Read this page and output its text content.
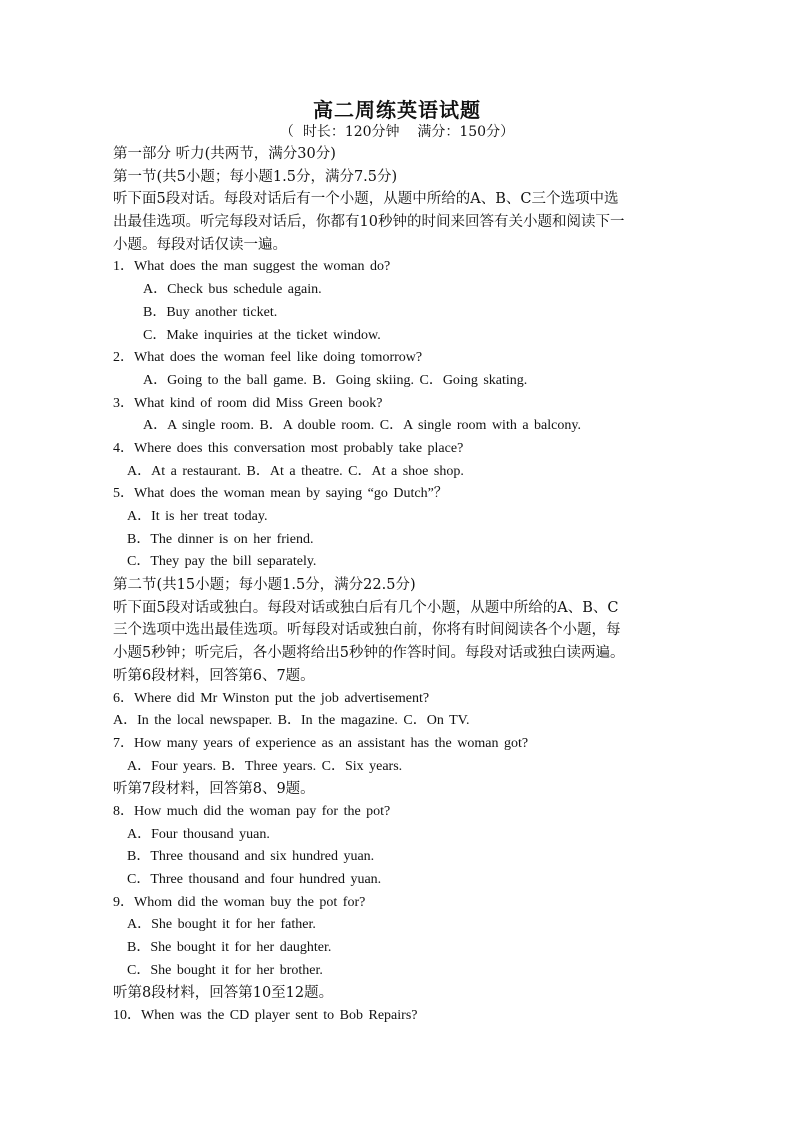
高二周练英语试题
（  时长：120分钟    满分：150分）
第一部分 听力(共两节，满分30分)
第一节(共5小题；每小题1.5分，满分7.5分)
听下面5段对话。每段对话后有一个小题，从题中所给的A、B、C三个选项中选
出最佳选项。听完每段对话后，你都有10秒钟的时间来回答有关小题和阅读下一
小题。每段对话仅读一遍。
1．What does the man suggest the woman do?
A．Check bus schedule again.
B．Buy another ticket.
C．Make inquiries at the ticket window.
2．What does the woman feel like doing tomorrow?
A．Going to the ball game. B．Going skiing. C．Going skating.
3．What kind of room did Miss Green book?
A．A single room. B．A double room. C．A single room with a balcony.
4．Where does this conversation most probably take place?
A．At a restaurant. B．At a theatre. C．At a shoe shop.
5．What does the woman mean by saying “go Dutch”？
A．It is her treat today.
B．The dinner is on her friend.
C．They pay the bill separately.
第二节(共15小题；每小题1.5分，满分22.5分)
听下面5段对话或独白。每段对话或独白后有几个小题，从题中所给的A、B、C
三个选项中选出最佳选项。听每段对话或独白前，你将有时间阅读各个小题，每
小题5秒钟；听完后，各小题将给出5秒钟的作答时间。每段对话或独白读两遍。
听第6段材料，回答第6、7题。
6．Where did Mr Winston put the job advertisement?
A．In the local newspaper. B．In the magazine. C．On TV.
7．How many years of experience as an assistant has the woman got?
A．Four years. B．Three years. C．Six years.
听第7段材料，回答第8、9题。
8．How much did the woman pay for the pot?
A．Four thousand yuan.
B．Three thousand and six hundred yuan.
C．Three thousand and four hundred yuan.
9．Whom did the woman buy the pot for?
A．She bought it for her father.
B．She bought it for her daughter.
C．She bought it for her brother.
听第8段材料，回答第10至12题。
10．When was the CD player sent to Bob Repairs?
